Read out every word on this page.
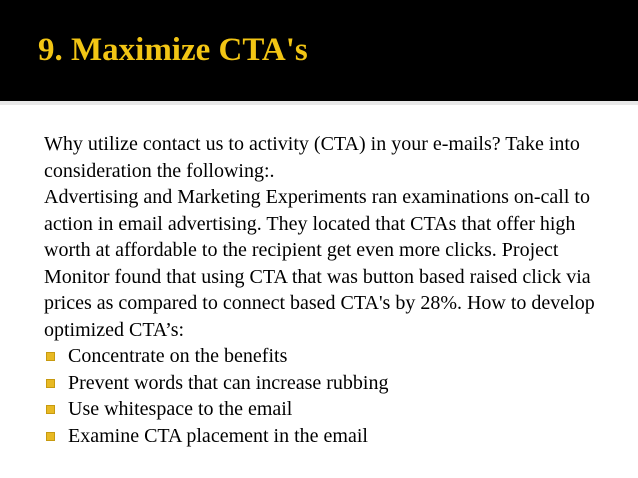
9. Maximize CTA's

Why utilize contact us to activity (CTA) in your e-mails? Take into consideration the following:.

Advertising and Marketing Experiments ran examinations on-call to action in email advertising. They located that CTAs that offer high worth at affordable to the recipient get even more clicks. Project Monitor found that using CTA that was button based raised click via prices as compared to connect based CTA's by 28%. How to develop optimized CTA’s:

Concentrate on the benefits
Prevent words that can increase rubbing
Use whitespace to the email
Examine CTA placement in the email
